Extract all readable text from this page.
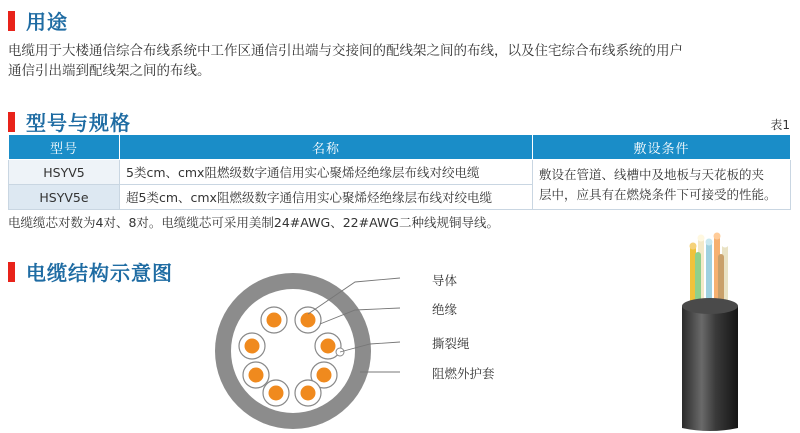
用途
电缆用于大楼通信综合布线系统中工作区通信引出端与交接间的配线架之间的布线，以及住宅综合布线系统的用户
通信引出端到配线架之间的布线。
型号与规格	表1
型号	名称	敷设条件
HSYV5	5类cm、cmx阻燃级数字通信用实心聚烯烃绝缘层布线对绞电缆	敷设在管道、线槽中及地板与天花板的夹
层中，应具有在燃烧条件下可接受的性能。

HSYV5e	超5类cm、cmx阻燃级数字通信用实心聚烯烃绝缘层布线对绞电缆	
电缆缆芯对数为4对、8对。电缆缆芯可采用美制24#AWG、22#AWG二种线规铜导线。
电缆结构示意图	导体
绝缘
撕裂绳
阻燃外护套
